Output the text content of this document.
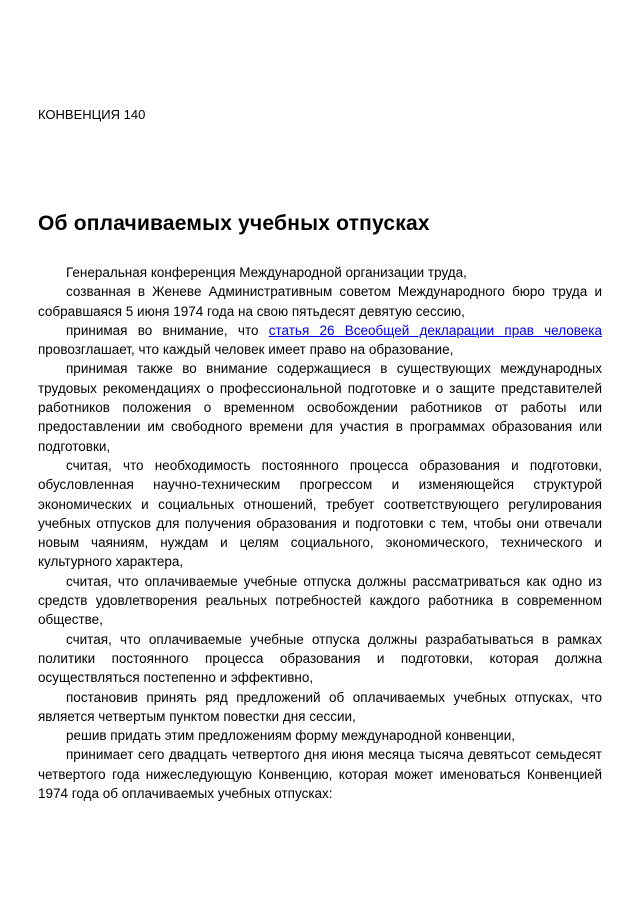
КОНВЕНЦИЯ 140
Об оплачиваемых учебных отпусках

Генеральная конференция Международной организации труда,

созванная в Женеве Административным советом Международного бюро труда и собравшаяся 5 июня 1974 года на свою пятьдесят девятую сессию,

принимая во внимание, что статья 26 Всеобщей декларации прав человека провозглашает, что каждый человек имеет право на образование,

принимая также во внимание содержащиеся в существующих международных трудовых рекомендациях о профессиональной подготовке и о защите представителей работников положения о временном освобождении работников от работы или предоставлении им свободного времени для участия в программах образования или подготовки,

считая, что необходимость постоянного процесса образования и подготовки, обусловленная научно-техническим прогрессом и изменяющейся структурой экономических и социальных отношений, требует соответствующего регулирования учебных отпусков для получения образования и подготовки с тем, чтобы они отвечали новым чаяниям, нуждам и целям социального, экономического, технического и культурного характера,

считая, что оплачиваемые учебные отпуска должны рассматриваться как одно из средств удовлетворения реальных потребностей каждого работника в современном обществе,

считая, что оплачиваемые учебные отпуска должны разрабатываться в рамках политики постоянного процесса образования и подготовки, которая должна осуществляться постепенно и эффективно,

постановив принять ряд предложений об оплачиваемых учебных отпусках, что является четвертым пунктом повестки дня сессии,

решив придать этим предложениям форму международной конвенции,

принимает сего двадцать четвертого дня июня месяца тысяча девятьсот семьдесят четвертого года нижеследующую Конвенцию, которая может именоваться Конвенцией 1974 года об оплачиваемых учебных отпусках:
